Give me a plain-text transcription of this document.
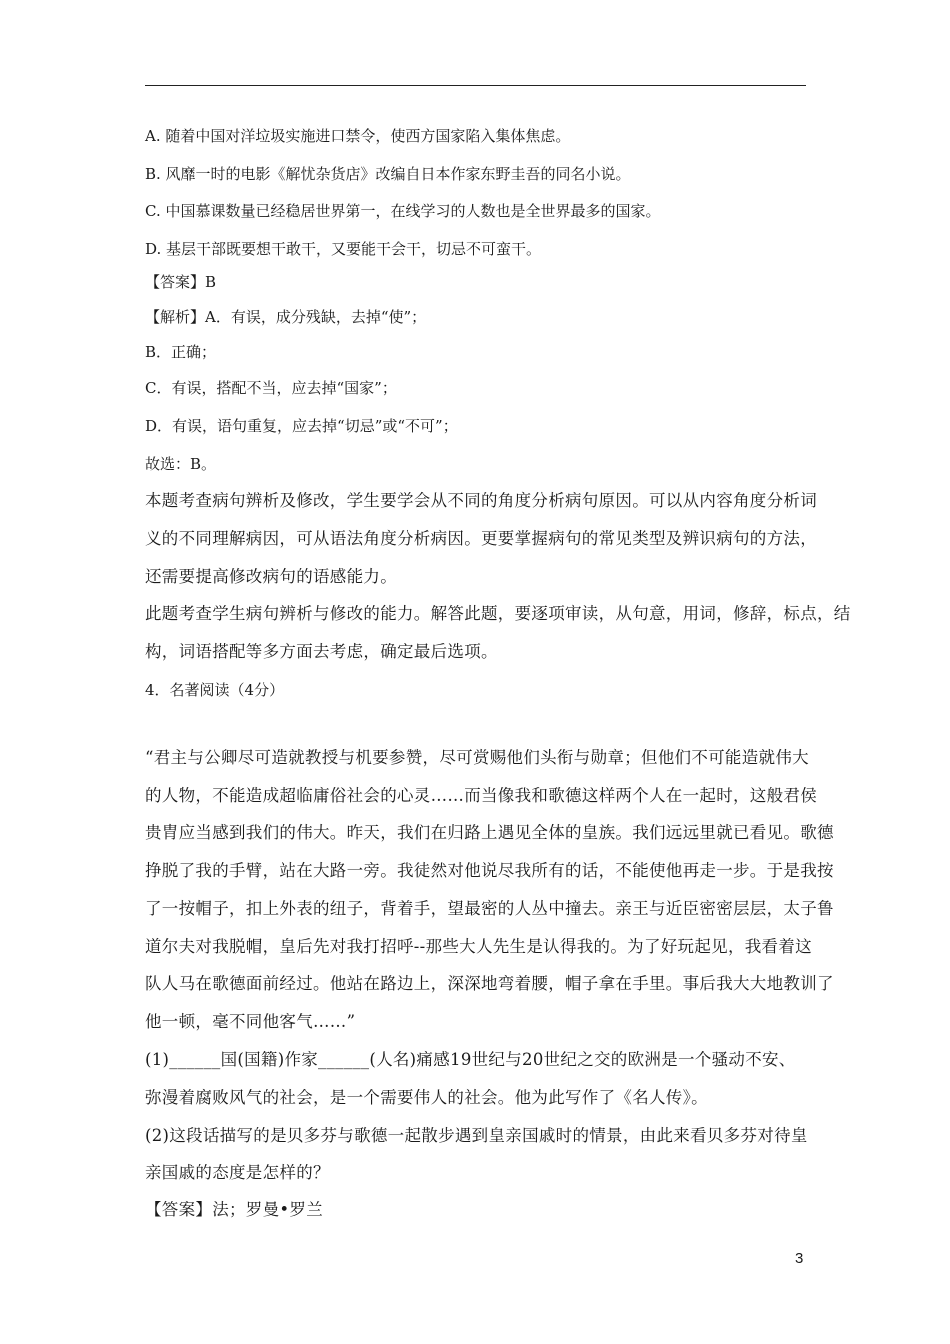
A. 随着中国对洋垃圾实施进口禁令，使西方国家陷入集体焦虑。
B. 风靡一时的电影《解忧杂货店》改编自日本作家东野圭吾的同名小说。
C. 中国慕课数量已经稳居世界第一，在线学习的人数也是全世界最多的国家。
D. 基层干部既要想干敢干，又要能干会干，切忌不可蛮干。
【答案】B
【解析】A．有误，成分残缺，去掉“使”；
B．正确；
C．有误，搭配不当，应去掉“国家”；
D．有误，语句重复，应去掉“切忌”或“不可”；
故选：B。
本题考查病句辨析及修改，学生要学会从不同的角度分析病句原因。可以从内容角度分析词
义的不同理解病因，可从语法角度分析病因。更要掌握病句的常见类型及辨识病句的方法，
还需要提高修改病句的语感能力。
此题考查学生病句辨析与修改的能力。解答此题，要逐项审读，从句意，用词，修辞，标点，结
构，词语搭配等多方面去考虑，确定最后选项。
4．名著阅读（4分）
“君主与公卿尽可造就教授与机要参赞，尽可赏赐他们头衔与勋章；但他们不可能造就伟大
的人物，不能造成超临庸俗社会的心灵……而当像我和歌德这样两个人在一起时，这般君侯
贵胄应当感到我们的伟大。昨天，我们在归路上遇见全体的皇族。我们远远里就已看见。歌德
挣脱了我的手臂，站在大路一旁。我徒然对他说尽我所有的话，不能使他再走一步。于是我按
了一按帽子，扣上外表的纽子，背着手，望最密的人丛中撞去。亲王与近臣密密层层，太子鲁
道尔夫对我脱帽，皇后先对我打招呼--那些大人先生是认得我的。为了好玩起见，我看着这
队人马在歌德面前经过。他站在路边上，深深地弯着腰，帽子拿在手里。事后我大大地教训了
他一顿，毫不同他客气……”
(1)______国(国籍)作家______(人名)痛感19世纪与20世纪之交的欧洲是一个骚动不安、
弥漫着腐败风气的社会，是一个需要伟人的社会。他为此写作了《名人传》。
(2)这段话描写的是贝多芬与歌德一起散步遇到皇亲国戚时的情景，由此来看贝多芬对待皇
亲国戚的态度是怎样的？
【答案】法；罗曼•罗兰
3
